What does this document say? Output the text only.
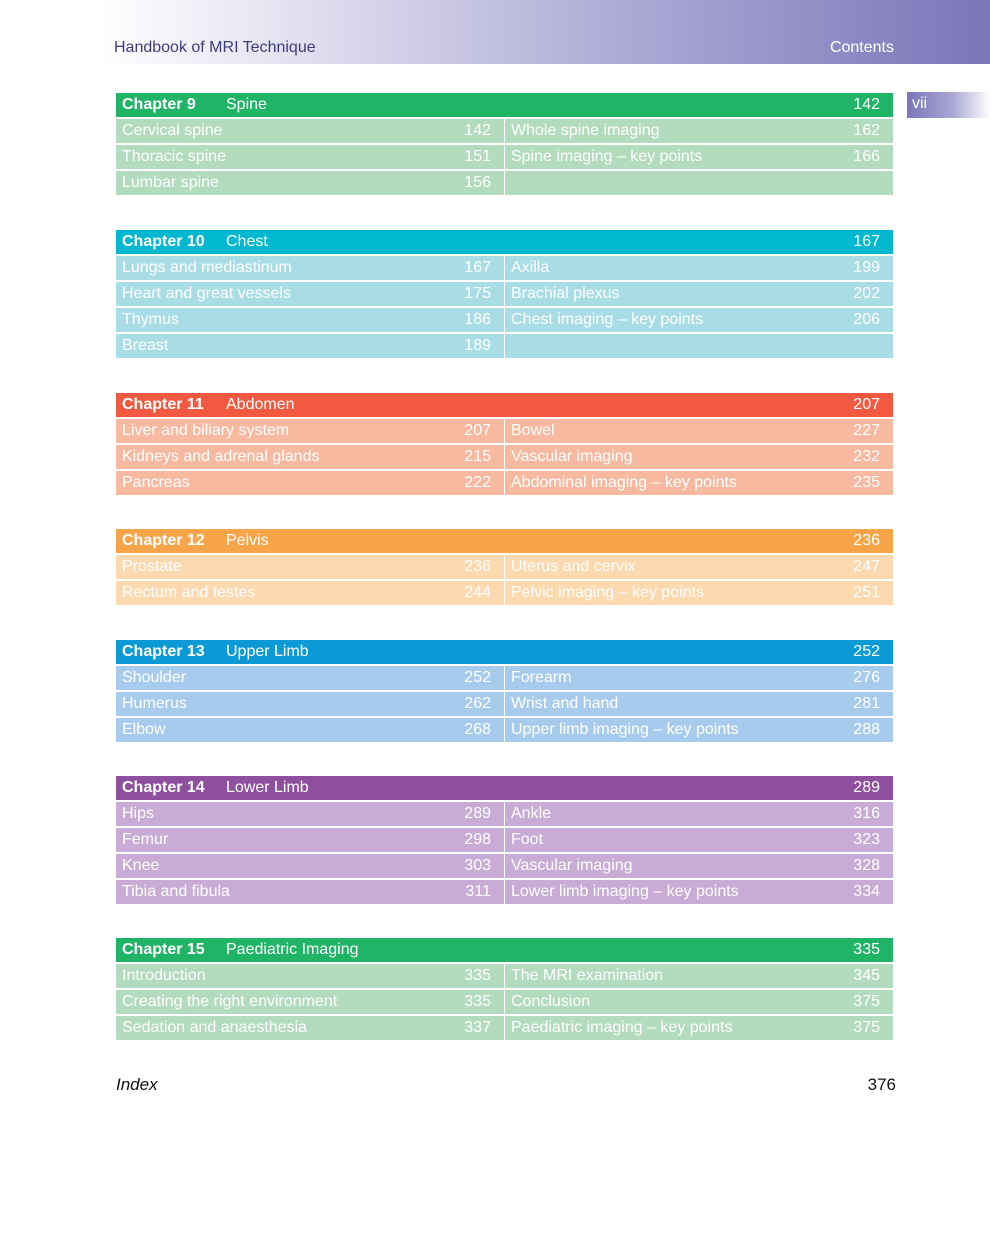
Handbook of MRI Technique	Contents
vii
Chapter 9	Spine	142
Cervical spine	142
Thoracic spine	151
Lumbar spine	156
Whole spine imaging	162
Spine imaging – key points	166
Chapter 10	Chest	167
Lungs and mediastinum	167
Heart and great vessels	175
Thymus	186
Breast	189
Axilla	199
Brachial plexus	202
Chest imaging – key points	206
Chapter 11	Abdomen	207
Liver and biliary system	207
Kidneys and adrenal glands	215
Pancreas	222
Bowel	227
Vascular imaging	232
Abdominal imaging – key points	235
Chapter 12	Pelvis	236
Prostate	236
Rectum and testes	244
Uterus and cervix	247
Pelvic imaging – key points	251
Chapter 13	Upper Limb	252
Shoulder	252
Humerus	262
Elbow	268
Forearm	276
Wrist and hand	281
Upper limb imaging – key points	288
Chapter 14	Lower Limb	289
Hips	289
Femur	298
Knee	303
Tibia and fibula	311
Ankle	316
Foot	323
Vascular imaging	328
Lower limb imaging – key points	334
Chapter 15	Paediatric Imaging	335
Introduction	335
Creating the right environment	335
Sedation and anaesthesia	337
The MRI examination	345
Conclusion	375
Paediatric imaging – key points	375
Index	376
